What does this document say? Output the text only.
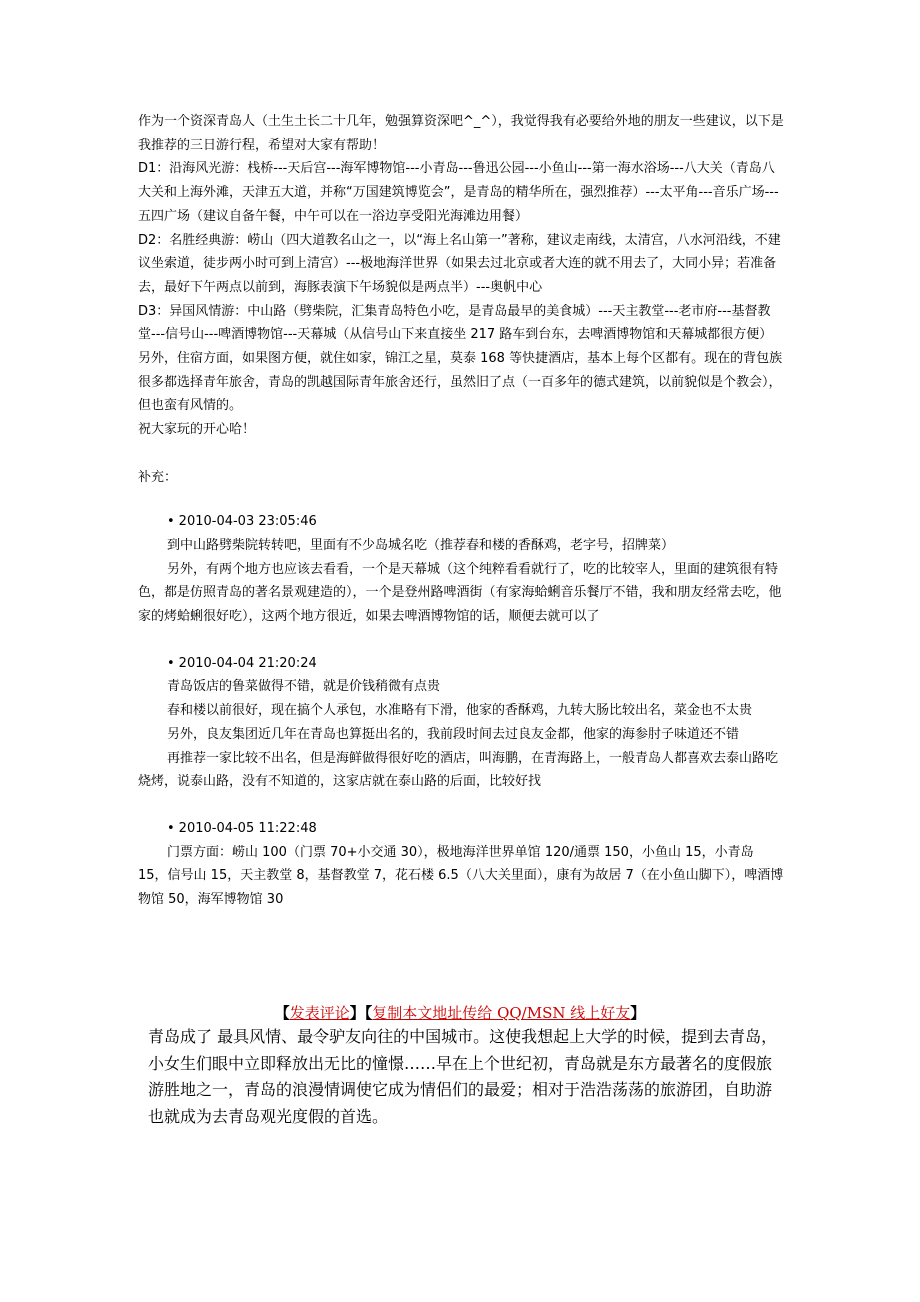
作为一个资深青岛人（土生土长二十几年，勉强算资深吧^_^），我觉得我有必要给外地的朋友一些建议，以下是我推荐的三日游行程，希望对大家有帮助！

D1：沿海风光游：栈桥---天后宫---海军博物馆---小青岛---鲁迅公园---小鱼山---第一海水浴场---八大关（青岛八大关和上海外滩，天津五大道，并称“万国建筑博览会”，是青岛的精华所在，强烈推荐）---太平角---音乐广场---五四广场（建议自备午餐，中午可以在一浴边享受阳光海滩边用餐）

D2：名胜经典游：崂山（四大道教名山之一，以“海上名山第一”著称，建议走南线，太清宫，八水河沿线，不建议坐索道，徒步两小时可到上清宫）---极地海洋世界（如果去过北京或者大连的就不用去了，大同小异；若准备去，最好下午两点以前到，海豚表演下午场貌似是两点半）---奥帆中心

D3：异国风情游：中山路（劈柴院，汇集青岛特色小吃，是青岛最早的美食城）---天主教堂---老市府---基督教堂---信号山---啤酒博物馆---天幕城（从信号山下来直接坐 217 路车到台东，去啤酒博物馆和天幕城都很方便）

另外，住宿方面，如果图方便，就住如家，锦江之星，莫泰 168 等快捷酒店，基本上每个区都有。现在的背包族很多都选择青年旅舍，青岛的凯越国际青年旅舍还行，虽然旧了点（一百多年的德式建筑，以前貌似是个教会），但也蛮有风情的。

祝大家玩的开心哈！

补充：

• 2010-04-03 23:05:46

到中山路劈柴院转转吧，里面有不少岛城名吃（推荐春和楼的香酥鸡，老字号，招牌菜）

另外，有两个地方也应该去看看，一个是天幕城（这个纯粹看看就行了，吃的比较宰人，里面的建筑很有特色，都是仿照青岛的著名景观建造的），一个是登州路啤酒街（有家海蛤蜊音乐餐厅不错，我和朋友经常去吃，他家的烤蛤蜊很好吃），这两个地方很近，如果去啤酒博物馆的话，顺便去就可以了

• 2010-04-04 21:20:24

青岛饭店的鲁菜做得不错，就是价钱稍微有点贵

春和楼以前很好，现在搞个人承包，水准略有下滑，他家的香酥鸡，九转大肠比较出名，菜金也不太贵

另外，良友集团近几年在青岛也算挺出名的，我前段时间去过良友金都，他家的海参肘子味道还不错

再推荐一家比较不出名，但是海鲜做得很好吃的酒店，叫海鹏，在青海路上，一般青岛人都喜欢去泰山路吃烧烤，说泰山路，没有不知道的，这家店就在泰山路的后面，比较好找

• 2010-04-05 11:22:48

门票方面：崂山 100（门票 70+小交通 30），极地海洋世界单馆 120/通票 150，小鱼山 15，小青岛 15，信号山 15，天主教堂 8，基督教堂 7，花石楼 6.5（八大关里面），康有为故居 7（在小鱼山脚下），啤酒博物馆 50，海军博物馆 30

【发表评论】【复制本文地址传给 QQ/MSN 线上好友】

青岛成了 最具风情、最令驴友向往的中国城市。这使我想起上大学的时候，提到去青岛，小女生们眼中立即释放出无比的憧憬……早在上个世纪初，青岛就是东方最著名的度假旅游胜地之一，青岛的浪漫情调使它成为情侣们的最爱；相对于浩浩荡荡的旅游团，自助游也就成为去青岛观光度假的首选。
